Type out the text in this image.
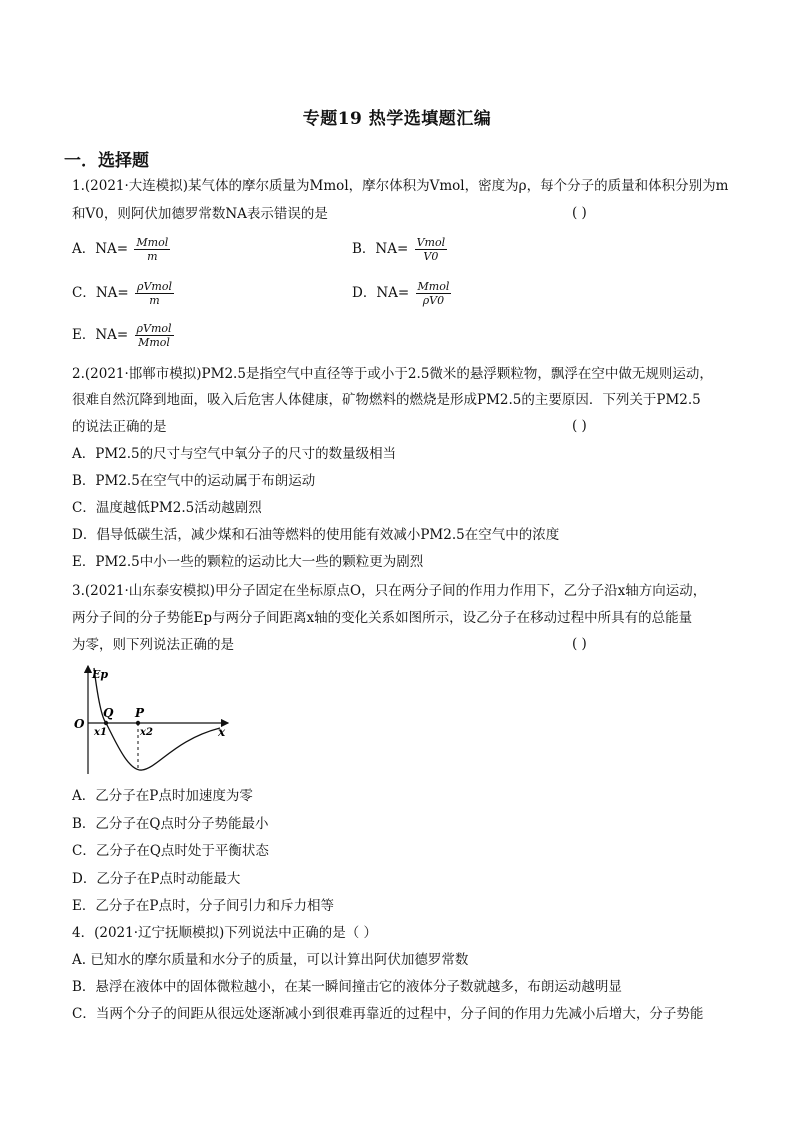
专题19 热学选填题汇编
一．选择题
1.(2021·大连模拟)某气体的摩尔质量为Mmol，摩尔体积为Vmol，密度为ρ，每个分子的质量和体积分别为m
和V0，则阿伏加德罗常数NA表示错误的是	( )
A．$NA= \frac{\text{Mmol}}{m}$	B．$NA= \frac{\text{Vmol}}{V0}$
C．$NA= \frac{\text{ρVmol}}{m}$	D．$NA= \frac{\text{Mmol}}{\rho V0}$
E．$NA= \frac{\text{ρVmol}}{\text{Mmol}}$
2.(2021·邯郸市模拟)PM2.5是指空气中直径等于或小于2.5微米的悬浮颗粒物，飘浮在空中做无规则运动，
很难自然沉降到地面，吸入后危害人体健康，矿物燃料的燃烧是形成PM2.5的主要原因．下列关于PM2.5
的说法正确的是	( )
A．PM2.5的尺寸与空气中氧分子的尺寸的数量级相当
B．PM2.5在空气中的运动属于布朗运动
C．温度越低PM2.5活动越剧烈
D．倡导低碳生活，减少煤和石油等燃料的使用能有效减小PM2.5在空气中的浓度
E．PM2.5中小一些的颗粒的运动比大一些的颗粒更为剧烈
3.(2021·山东泰安模拟)甲分子固定在坐标原点O，只在两分子间的作用力作用下，乙分子沿x轴方向运动，
两分子间的分子势能Ep与两分子间距离x轴的变化关系如图所示，设乙分子在移动过程中所具有的总能量
为零，则下列说法正确的是	( )
Ep
O
Q P
x1	x2	x
A．乙分子在P点时加速度为零
B．乙分子在Q点时分子势能最小
C．乙分子在Q点时处于平衡状态
D．乙分子在P点时动能最大
E．乙分子在P点时，分子间引力和斥力相等
4．(2021·辽宁抚顺模拟)下列说法中正确的是（ ）
A. 已知水的摩尔质量和水分子的质量，可以计算出阿伏加德罗常数
B．悬浮在液体中的固体微粒越小，在某一瞬间撞击它的液体分子数就越多，布朗运动越明显
C．当两个分子的间距从很远处逐渐减小到很难再靠近的过程中，分子间的作用力先减小后增大，分子势能
